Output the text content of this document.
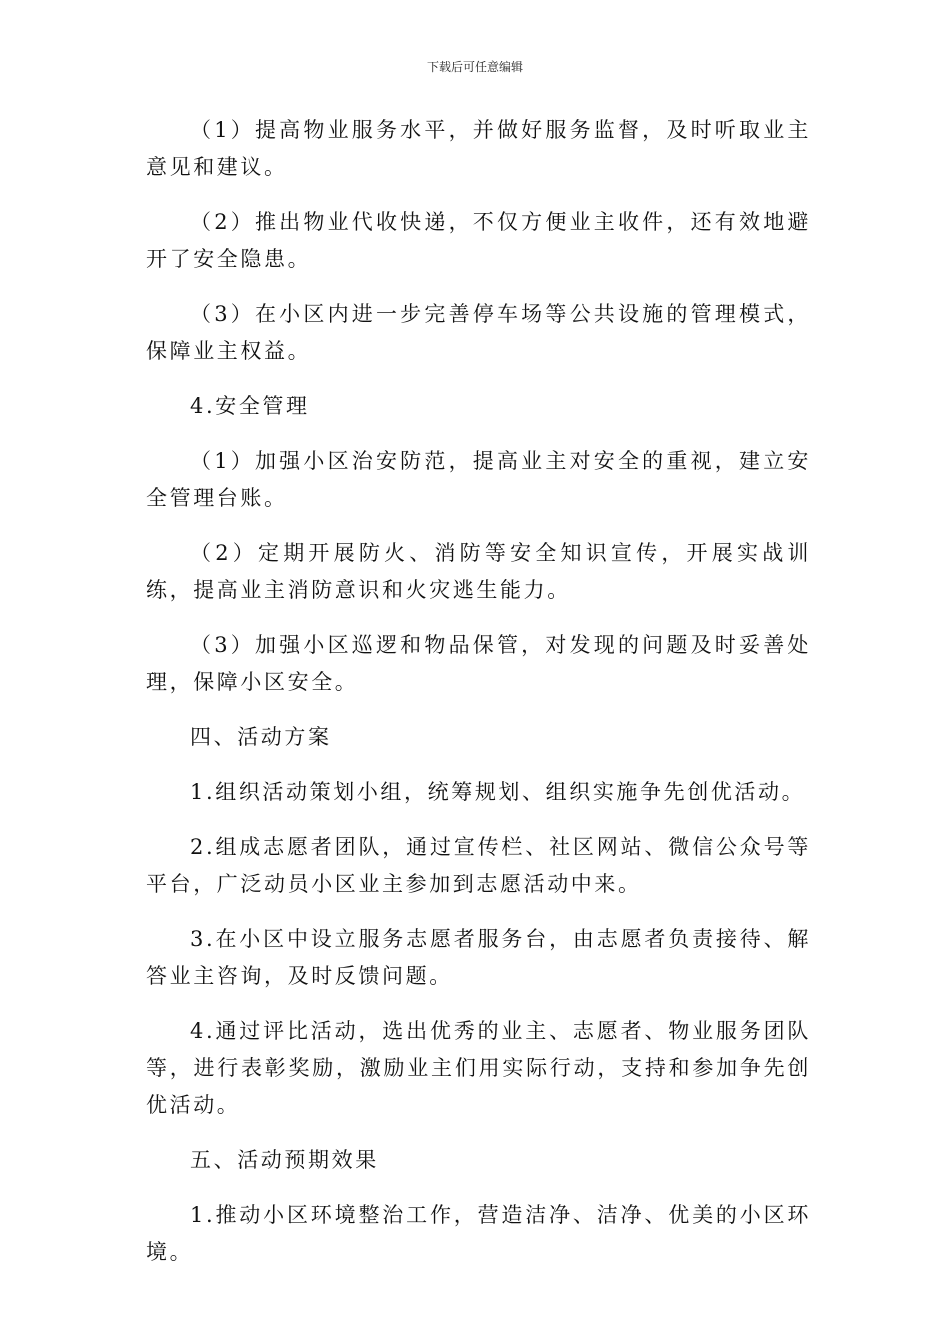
下载后可任意编辑

（1）提高物业服务水平，并做好服务监督，及时听取业主意见和建议。

（2）推出物业代收快递，不仅方便业主收件，还有效地避开了安全隐患。

（3）在小区内进一步完善停车场等公共设施的管理模式，保障业主权益。

4.安全管理

（1）加强小区治安防范，提高业主对安全的重视，建立安全管理台账。

（2）定期开展防火、消防等安全知识宣传，开展实战训练，提高业主消防意识和火灾逃生能力。

（3）加强小区巡逻和物品保管，对发现的问题及时妥善处理，保障小区安全。

四、活动方案

1.组织活动策划小组，统筹规划、组织实施争先创优活动。

2.组成志愿者团队，通过宣传栏、社区网站、微信公众号等平台，广泛动员小区业主参加到志愿活动中来。

3.在小区中设立服务志愿者服务台，由志愿者负责接待、解答业主咨询，及时反馈问题。

4.通过评比活动，选出优秀的业主、志愿者、物业服务团队等，进行表彰奖励，激励业主们用实际行动，支持和参加争先创优活动。

五、活动预期效果

1.推动小区环境整治工作，营造洁净、洁净、优美的小区环境。
